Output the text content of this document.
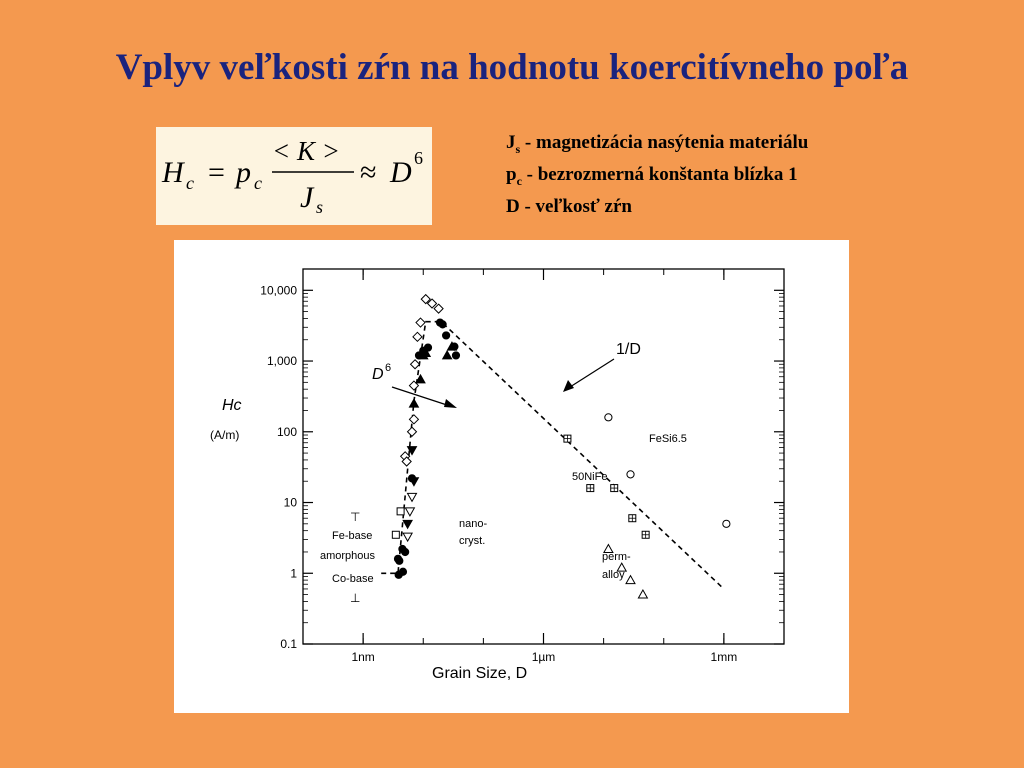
Vplyv veľkosti zŕn na hodnotu koercitívneho poľa
H c = p c
< K >
J s
≈ D 6
$J_s$ - magnetizácia nasýtenia materiálu
$p_c$ - bezrozmerná konštanta blízka 1
D - veľkosť zŕn
1nm	1µm	1mm
0.1
1
10
100
1,000
10,000
Hc
(A/m)
Grain Size, D
D 6
1/D
⊤
Fe-base
amorphous
Co-base
⊥
nano-
cryst.
FeSi6.5
50NiFe
perm-
alloy
